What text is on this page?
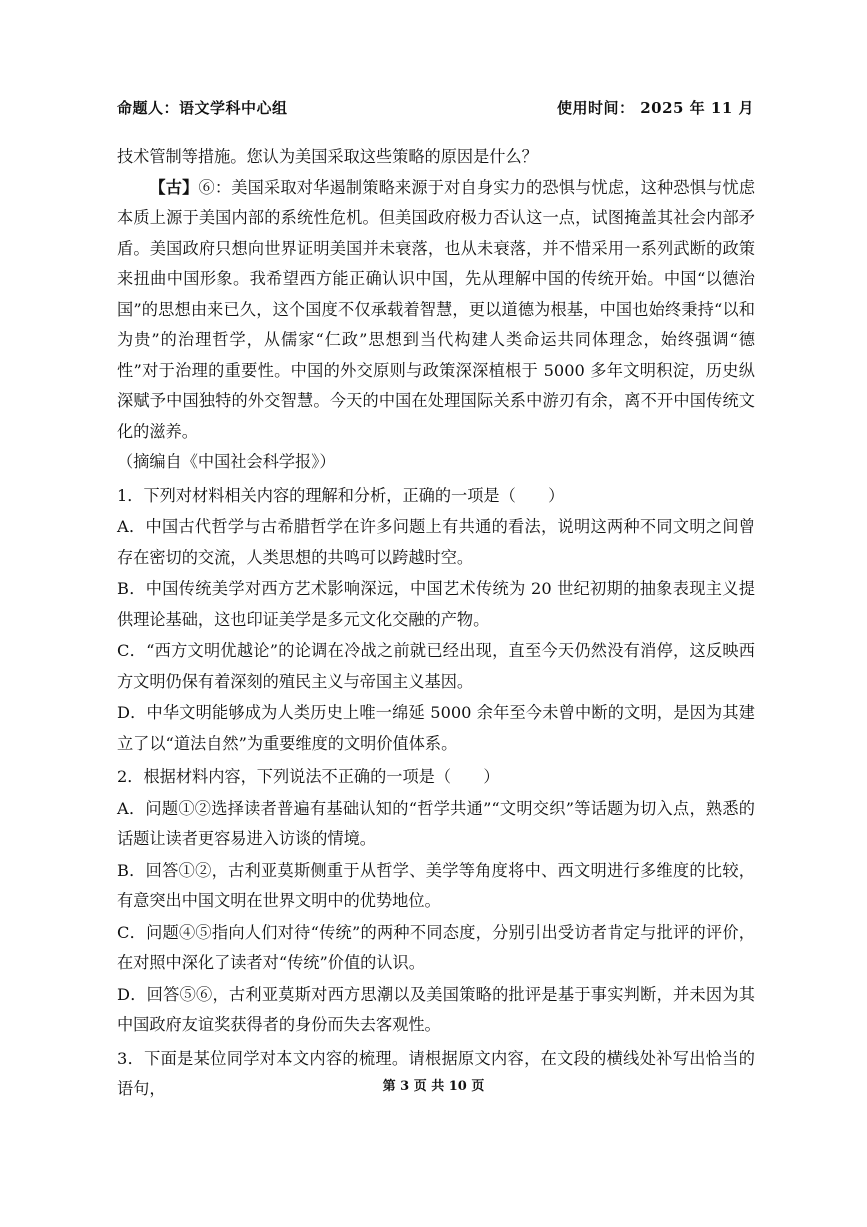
命题人：语文学科中心组	使用时间： 2025 年 11 月

技术管制等措施。您认为美国采取这些策略的原因是什么？

【古】⑥：美国采取对华遏制策略来源于对自身实力的恐惧与忧虑，这种恐惧与忧虑本质上源于美国内部的系统性危机。但美国政府极力否认这一点，试图掩盖其社会内部矛盾。美国政府只想向世界证明美国并未衰落，也从未衰落，并不惜采用一系列武断的政策来扭曲中国形象。我希望西方能正确认识中国，先从理解中国的传统开始。中国“以德治国”的思想由来已久，这个国度不仅承载着智慧，更以道德为根基，中国也始终秉持“以和为贵”的治理哲学，从儒家“仁政”思想到当代构建人类命运共同体理念，始终强调“德性”对于治理的重要性。中国的外交原则与政策深深植根于 5000 多年文明积淀，历史纵深赋予中国独特的外交智慧。今天的中国在处理国际关系中游刃有余，离不开中国传统文化的滋养。

（摘编自《中国社会科学报》）

1．下列对材料相关内容的理解和分析，正确的一项是（　　）

A．中国古代哲学与古希腊哲学在许多问题上有共通的看法，说明这两种不同文明之间曾存在密切的交流，人类思想的共鸣可以跨越时空。

B．中国传统美学对西方艺术影响深远，中国艺术传统为 20 世纪初期的抽象表现主义提供理论基础，这也印证美学是多元文化交融的产物。

C．“西方文明优越论”的论调在冷战之前就已经出现，直至今天仍然没有消停，这反映西方文明仍保有着深刻的殖民主义与帝国主义基因。

D．中华文明能够成为人类历史上唯一绵延 5000 余年至今未曾中断的文明，是因为其建立了以“道法自然”为重要维度的文明价值体系。

2．根据材料内容，下列说法不正确的一项是（　　）

A．问题①②选择读者普遍有基础认知的“哲学共通”“文明交织”等话题为切入点，熟悉的话题让读者更容易进入访谈的情境。

B．回答①②，古利亚莫斯侧重于从哲学、美学等角度将中、西文明进行多维度的比较，有意突出中国文明在世界文明中的优势地位。

C．问题④⑤指向人们对待“传统”的两种不同态度，分别引出受访者肯定与批评的评价，在对照中深化了读者对“传统”价值的认识。

D．回答⑤⑥，古利亚莫斯对西方思潮以及美国策略的批评是基于事实判断，并未因为其中国政府友谊奖获得者的身份而失去客观性。

3．下面是某位同学对本文内容的梳理。请根据原文内容，在文段的横线处补写出恰当的语句，	第 3 页 共 10 页
